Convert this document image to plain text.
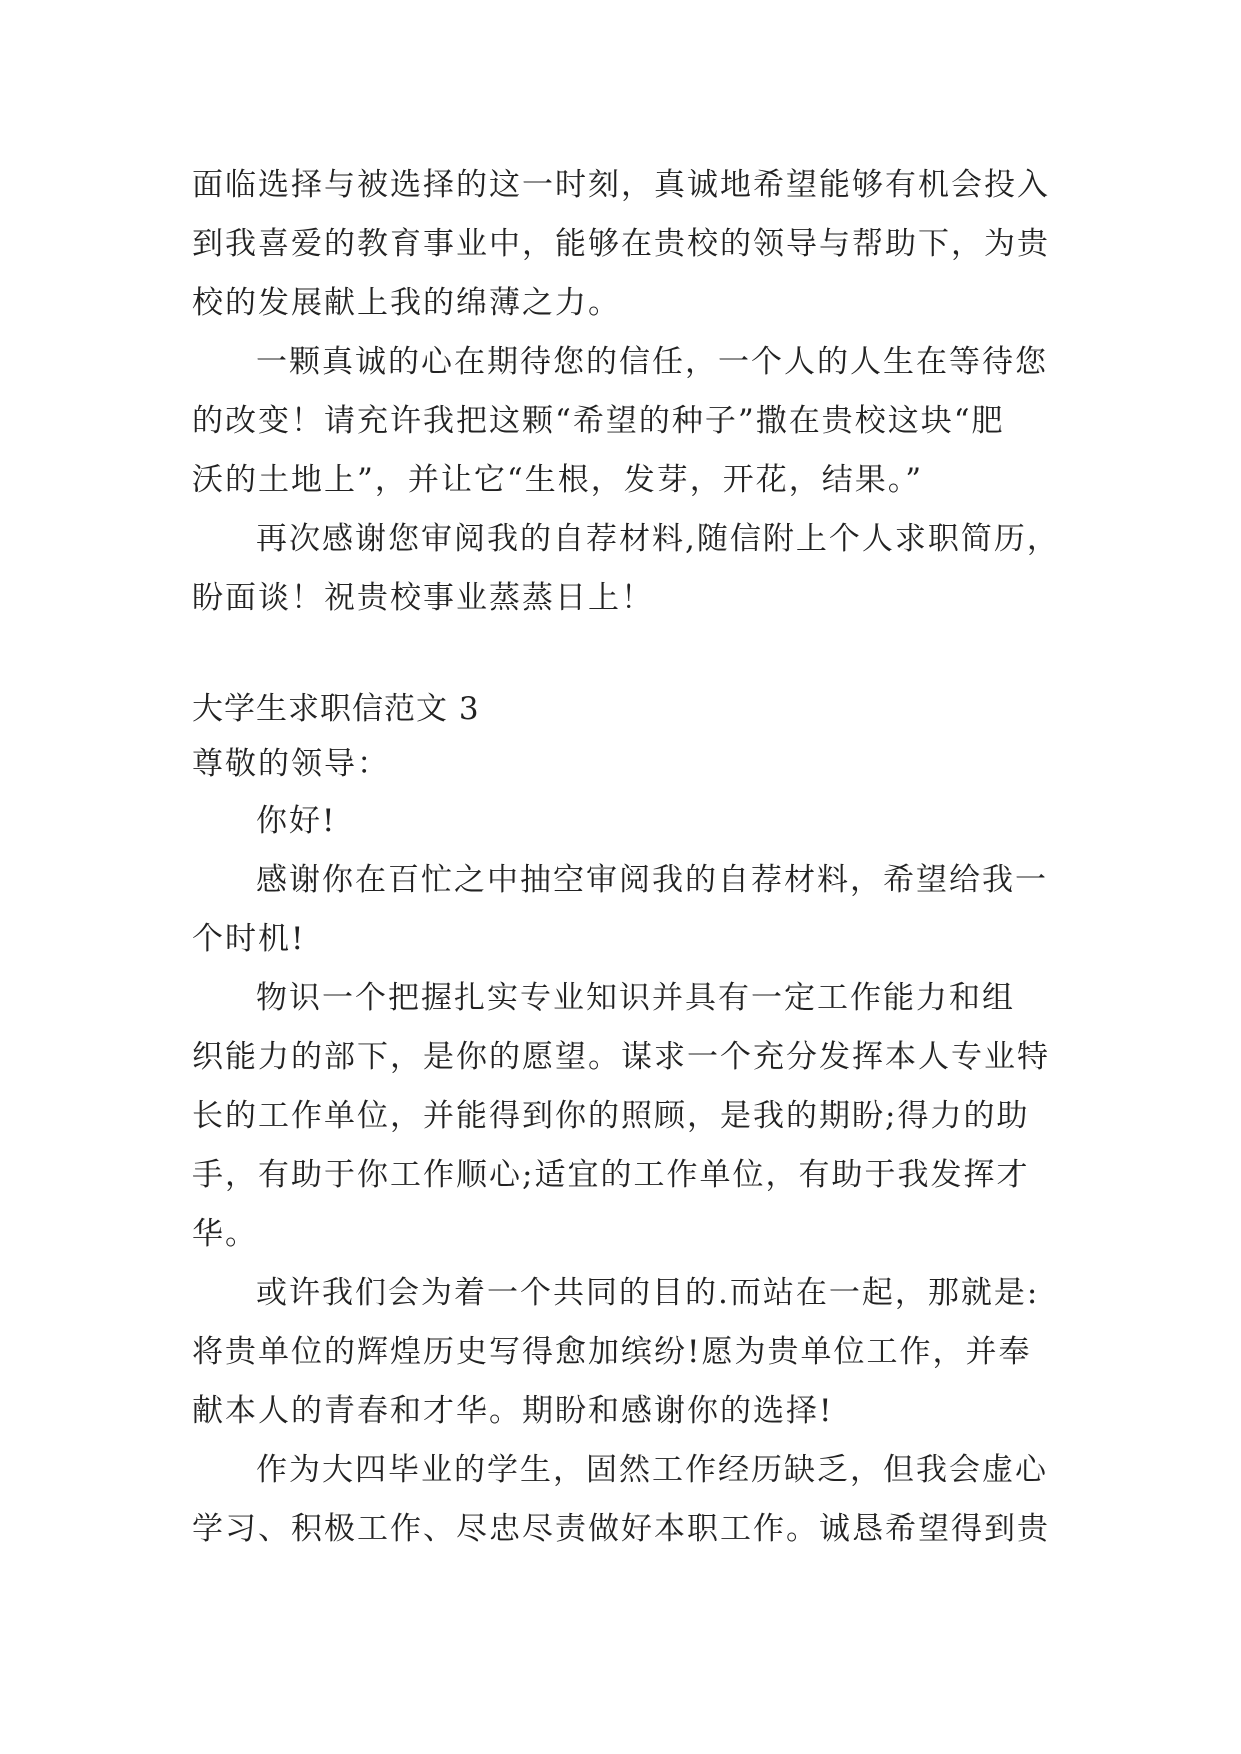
面临选择与被选择的这一时刻，真诚地希望能够有机会投入
到我喜爱的教育事业中，能够在贵校的领导与帮助下，为贵
校的发展献上我的绵薄之力。
一颗真诚的心在期待您的信任，一个人的人生在等待您
的改变！请充许我把这颗“希望的种子”撒在贵校这块“肥
沃的土地上”，并让它“生根，发芽，开花，结果。”
再次感谢您审阅我的自荐材料,随信附上个人求职简历，
盼面谈！祝贵校事业蒸蒸日上！
大学生求职信范文 3
尊敬的领导：
你好!
感谢你在百忙之中抽空审阅我的自荐材料，希望给我一
个时机!
物识一个把握扎实专业知识并具有一定工作能力和组
织能力的部下，是你的愿望。谋求一个充分发挥本人专业特
长的工作单位，并能得到你的照顾，是我的期盼;得力的助
手，有助于你工作顺心;适宜的工作单位，有助于我发挥才
华。
或许我们会为着一个共同的目的.而站在一起，那就是:
将贵单位的辉煌历史写得愈加缤纷!愿为贵单位工作，并奉
献本人的青春和才华。期盼和感谢你的选择!
作为大四毕业的学生，固然工作经历缺乏，但我会虚心
学习、积极工作、尽忠尽责做好本职工作。诚恳希望得到贵
